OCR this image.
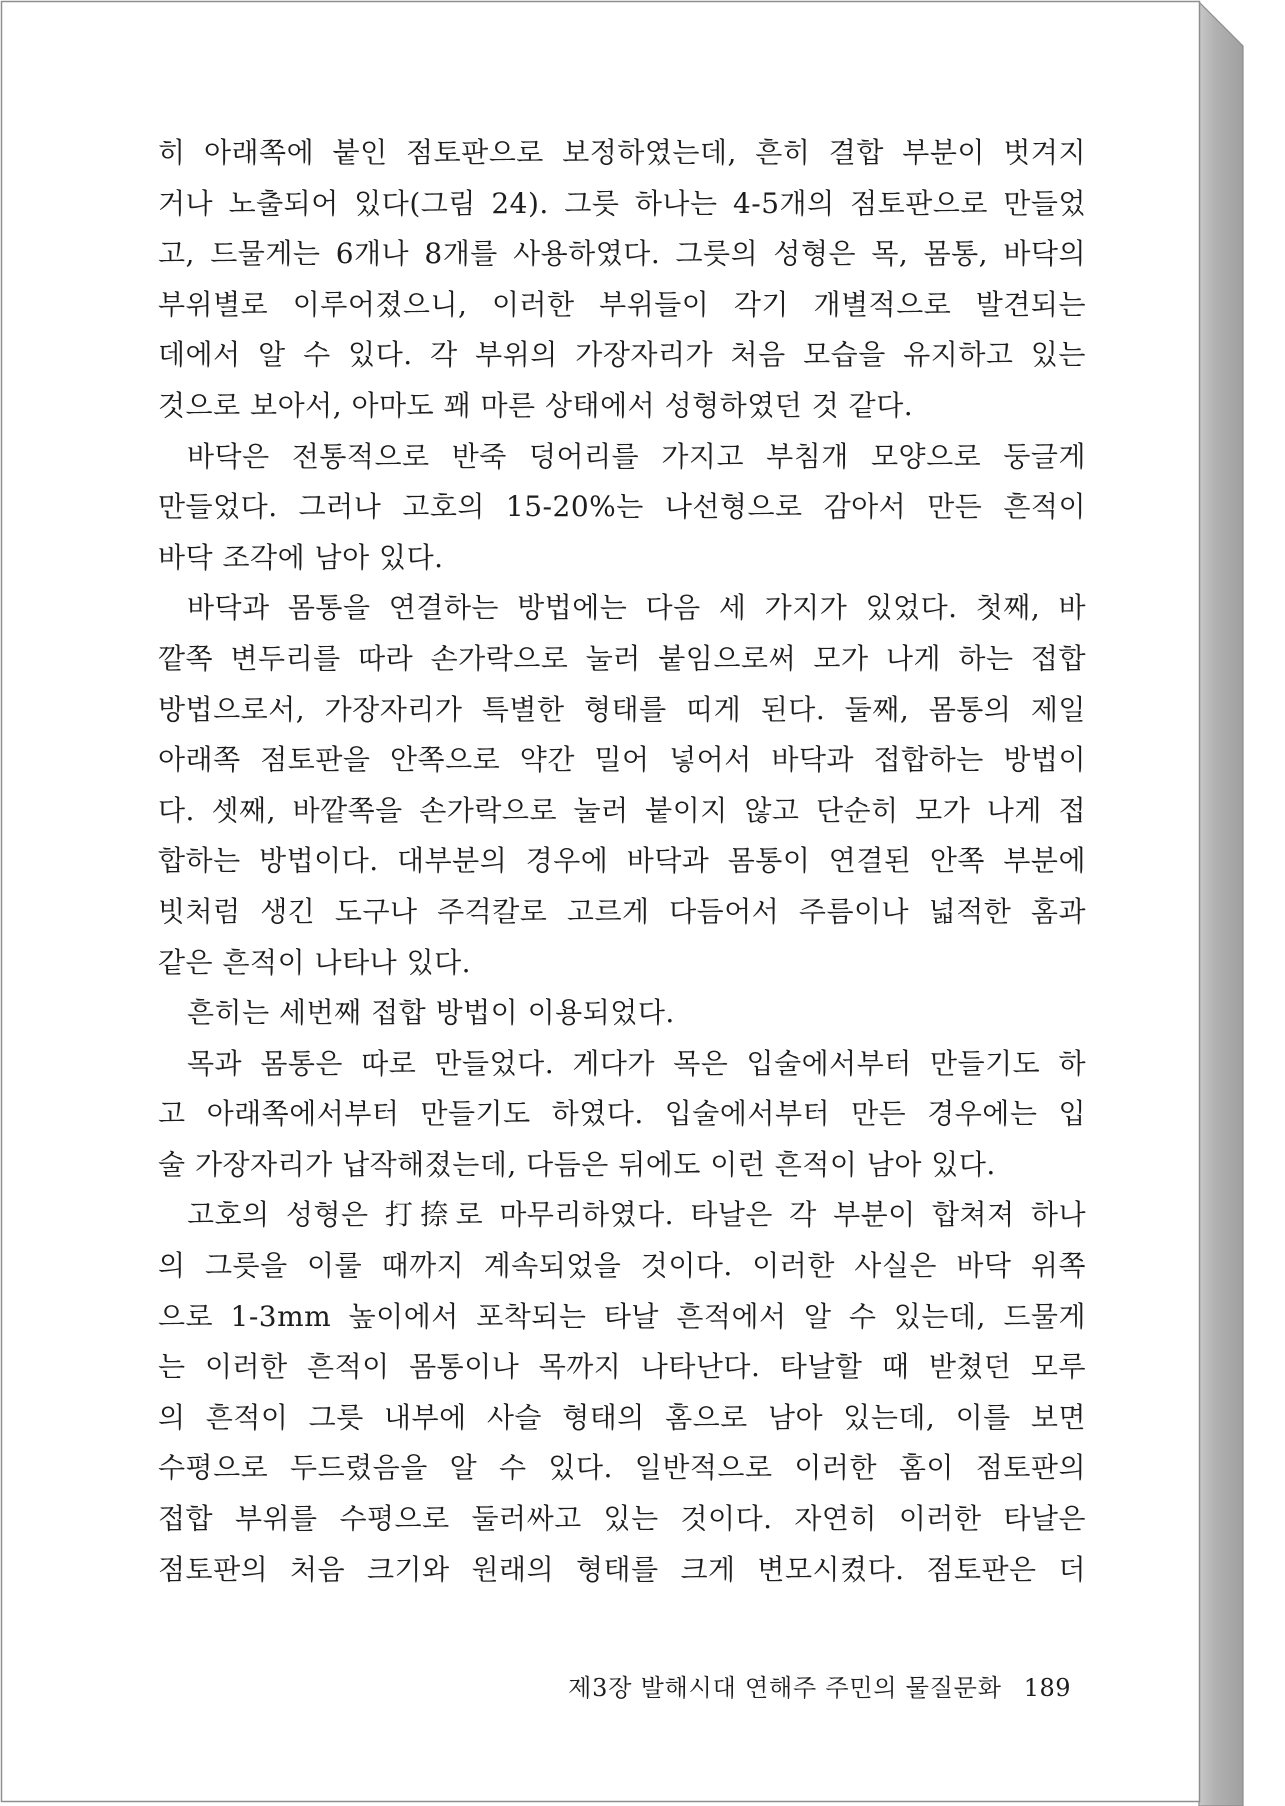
히 아래쪽에 붙인 점토판으로 보정하였는데, 흔히 결합 부분이 벗겨지
거나 노출되어 있다(그림 24). 그릇 하나는 4-5개의 점토판으로 만들었
고, 드물게는 6개나 8개를 사용하였다. 그릇의 성형은 목, 몸통, 바닥의
부위별로 이루어졌으니, 이러한 부위들이 각기 개별적으로 발견되는
데에서 알 수 있다. 각 부위의 가장자리가 처음 모습을 유지하고 있는
것으로 보아서, 아마도 꽤 마른 상태에서 성형하였던 것 같다.
바닥은 전통적으로 반죽 덩어리를 가지고 부침개 모양으로 둥글게
만들었다. 그러나 고호의 15-20%는 나선형으로 감아서 만든 흔적이
바닥 조각에 남아 있다.
바닥과 몸통을 연결하는 방법에는 다음 세 가지가 있었다. 첫째, 바
깥쪽 변두리를 따라 손가락으로 눌러 붙임으로써 모가 나게 하는 접합
방법으로서, 가장자리가 특별한 형태를 띠게 된다. 둘째, 몸통의 제일
아래쪽 점토판을 안쪽으로 약간 밀어 넣어서 바닥과 접합하는 방법이
다. 셋째, 바깥쪽을 손가락으로 눌러 붙이지 않고 단순히 모가 나게 접
합하는 방법이다. 대부분의 경우에 바닥과 몸통이 연결된 안쪽 부분에
빗처럼 생긴 도구나 주걱칼로 고르게 다듬어서 주름이나 넓적한 홈과
같은 흔적이 나타나 있다.
흔히는 세번째 접합 방법이 이용되었다.
목과 몸통은 따로 만들었다. 게다가 목은 입술에서부터 만들기도 하
고 아래쪽에서부터 만들기도 하였다. 입술에서부터 만든 경우에는 입
술 가장자리가 납작해졌는데, 다듬은 뒤에도 이런 흔적이 남아 있다.
고호의 성형은 打捺로 마무리하였다. 타날은 각 부분이 합쳐져 하나
의 그릇을 이룰 때까지 계속되었을 것이다. 이러한 사실은 바닥 위쪽
으로 1-3mm 높이에서 포착되는 타날 흔적에서 알 수 있는데, 드물게
는 이러한 흔적이 몸통이나 목까지 나타난다. 타날할 때 받쳤던 모루
의 흔적이 그릇 내부에 사슬 형태의 홈으로 남아 있는데, 이를 보면
수평으로 두드렸음을 알 수 있다. 일반적으로 이러한 홈이 점토판의
접합 부위를 수평으로 둘러싸고 있는 것이다. 자연히 이러한 타날은
점토판의 처음 크기와 원래의 형태를 크게 변모시켰다. 점토판은 더
제3장 발해시대 연해주 주민의 물질문화 189
